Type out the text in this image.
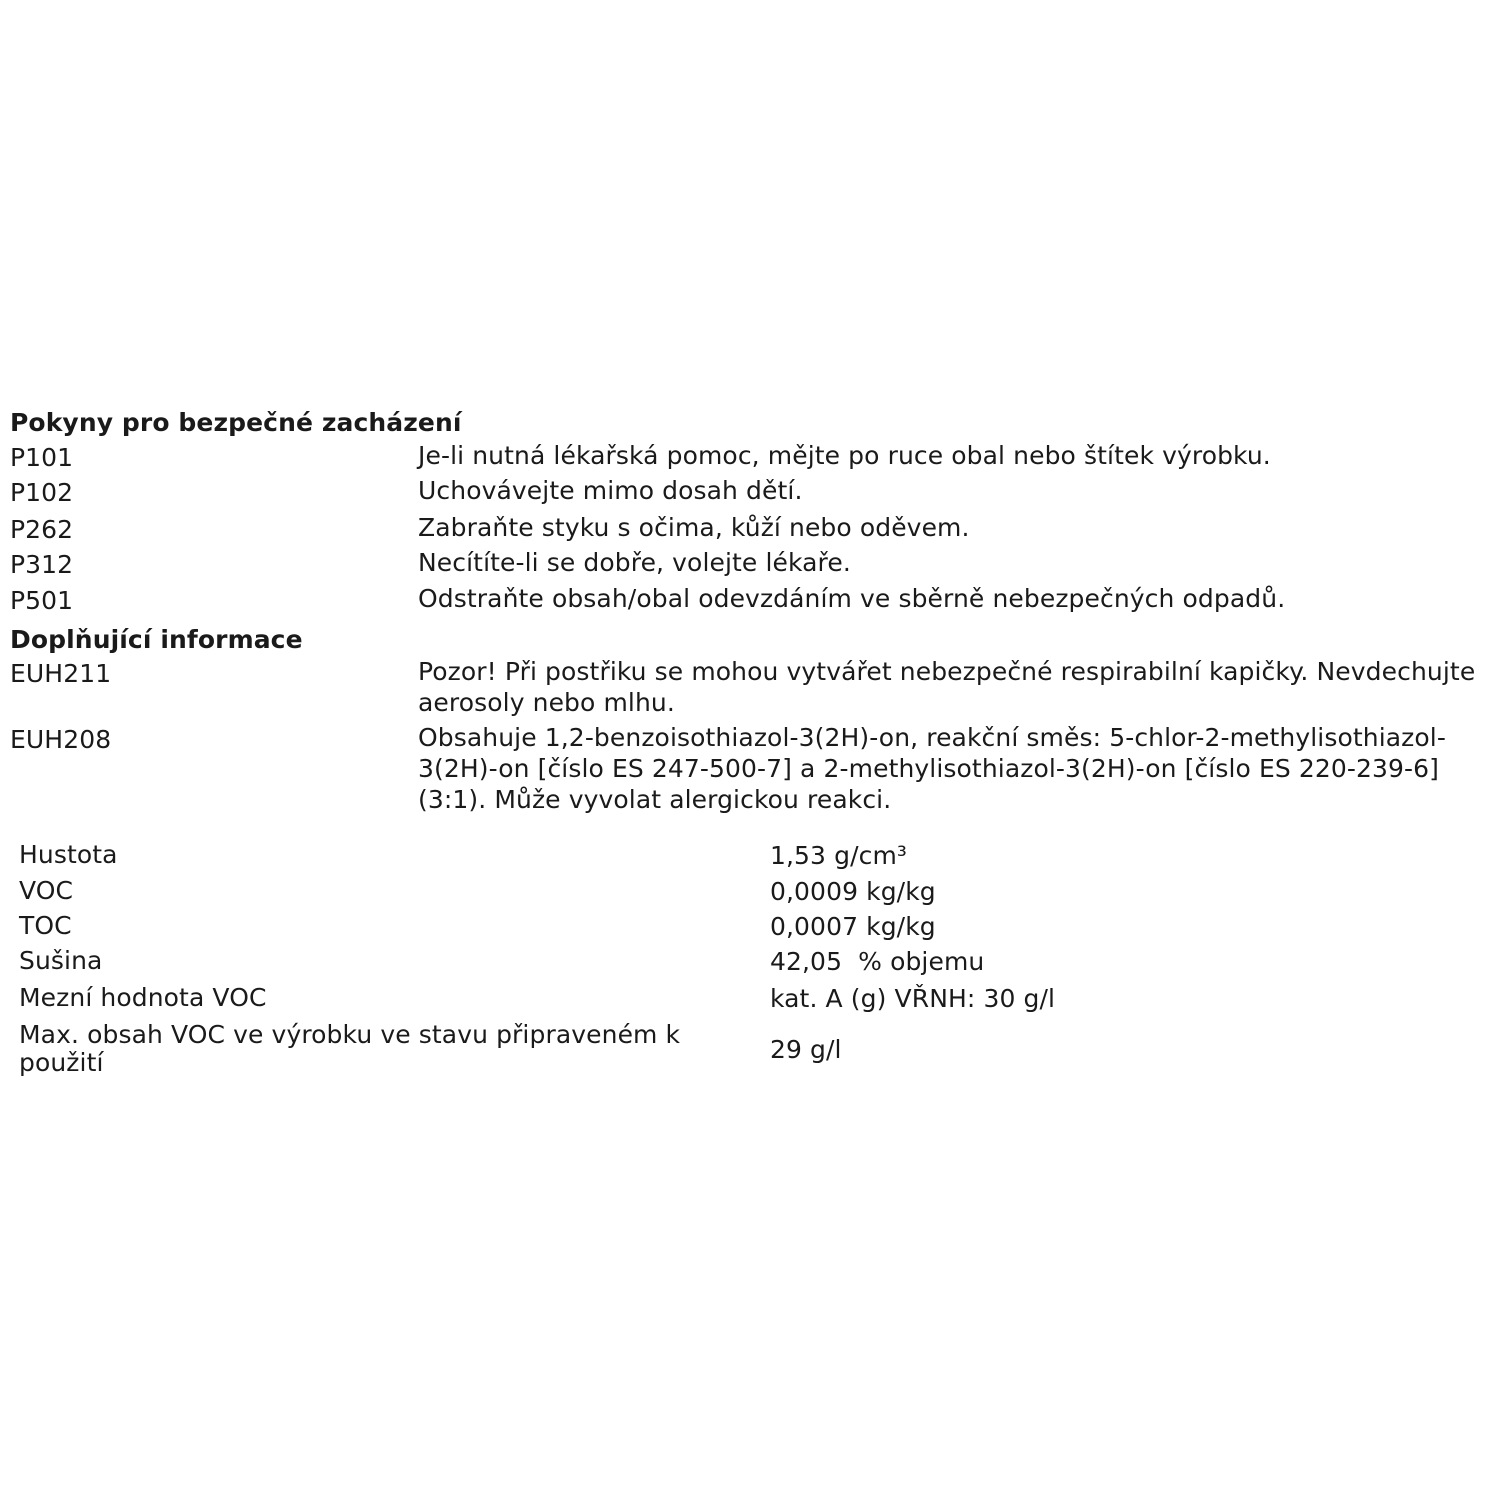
Pokyny pro bezpečné zacházení
P101	Je-li nutná lékařská pomoc, mějte po ruce obal nebo štítek výrobku.
P102	Uchovávejte mimo dosah dětí.
P262	Zabraňte styku s očima, kůží nebo oděvem.
P312	Necítíte-li se dobře, volejte lékaře.
P501	Odstraňte obsah/obal odevzdáním ve sběrně nebezpečných odpadů.
Doplňující informace
EUH211	Pozor! Při postřiku se mohou vytvářet nebezpečné respirabilní kapičky. Nevdechujte aerosoly nebo mlhu.
EUH208	Obsahuje 1,2-benzoisothiazol-3(2H)-on, reakční směs: 5-chlor-2-methylisothiazol-3(2H)-on [číslo ES 247-500-7] a 2-methylisothiazol-3(2H)-on [číslo ES 220-239-6] (3:1). Může vyvolat alergickou reakci.
Hustota	1,53 g/cm³
VOC	0,0009 kg/kg
TOC	0,0007 kg/kg
Sušina	42,05  % objemu
Mezní hodnota VOC	kat. A (g) VŘNH: 30 g/l
Max. obsah VOC ve výrobku ve stavu připraveném k použití	29 g/l
